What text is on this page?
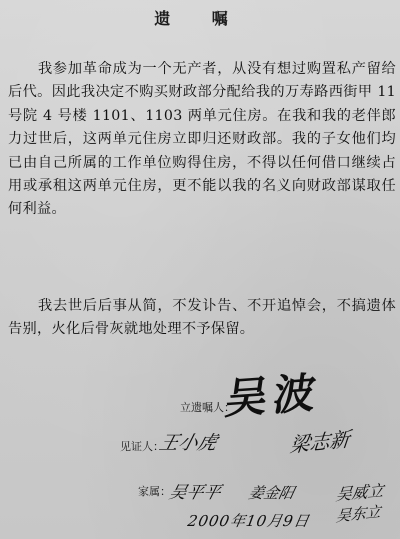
遗 嘱

我参加革命成为一个无产者，从没有想过购置私产留给后代。因此我决定不购买财政部分配给我的万寿路西街甲 11 号院 4 号楼 1101、1103 两单元住房。在我和我的老伴郎力过世后，这两单元住房立即归还财政部。我的子女他们均已由自己所属的工作单位购得住房，不得以任何借口继续占用或承租这两单元住房，更不能以我的名义向财政部谋取任何利益。

我去世后后事从简，不发讣告、不开追悼会，不搞遗体告别，火化后骨灰就地处理不予保留。

立遗嘱人：
吴波
见证人：
王小虎	梁志新
家属：
吴平平 姜金阳 吴威立
吴东立
2000年10月9日
